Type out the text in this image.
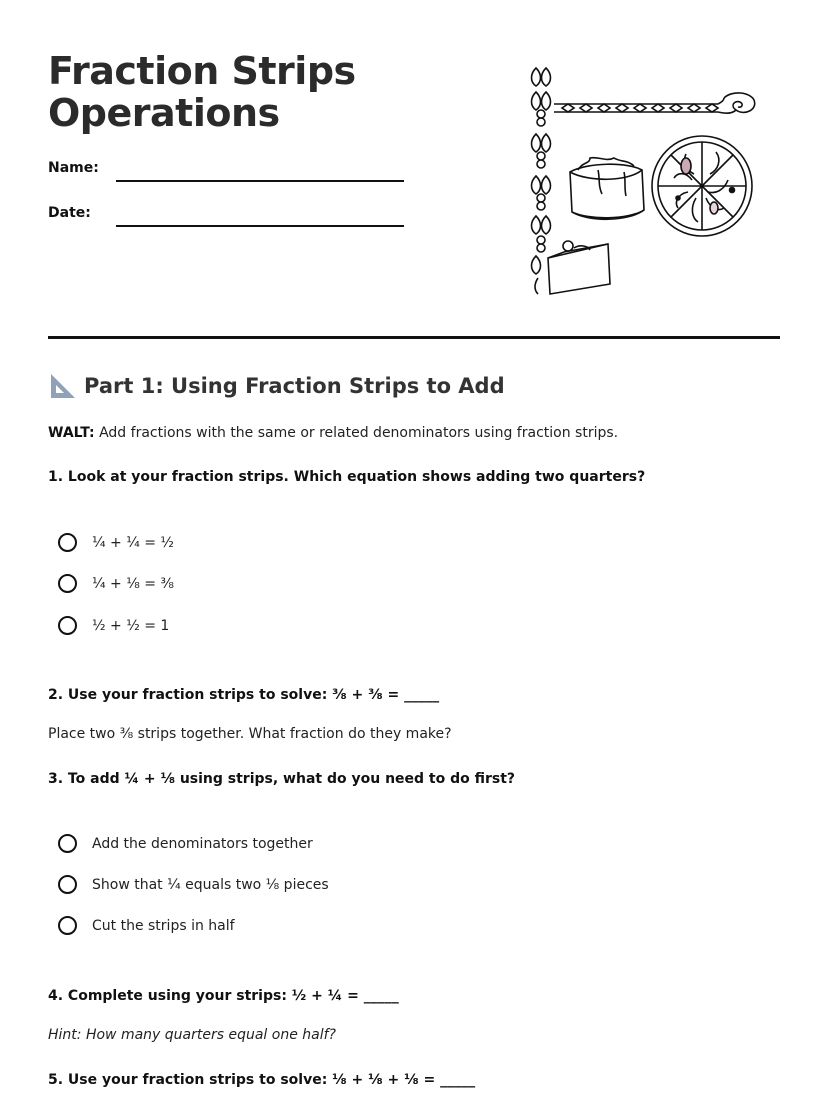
Fraction Strips
Operations
Name:
Date:
Part 1: Using Fraction Strips to Add
WALT: Add fractions with the same or related denominators using fraction strips.

1. Look at your fraction strips. Which equation shows adding two quarters?

¼ + ¼ = ½
¼ + ⅛ = ⅜
½ + ½ = 1

2. Use your fraction strips to solve: ⅜ + ⅜ = _____

Place two ⅜ strips together. What fraction do they make?

3. To add ¼ + ⅛ using strips, what do you need to do first?

Add the denominators together
Show that ¼ equals two ⅛ pieces
Cut the strips in half

4. Complete using your strips: ½ + ¼ = _____

Hint: How many quarters equal one half?

5. Use your fraction strips to solve: ⅛ + ⅛ + ⅛ = _____
